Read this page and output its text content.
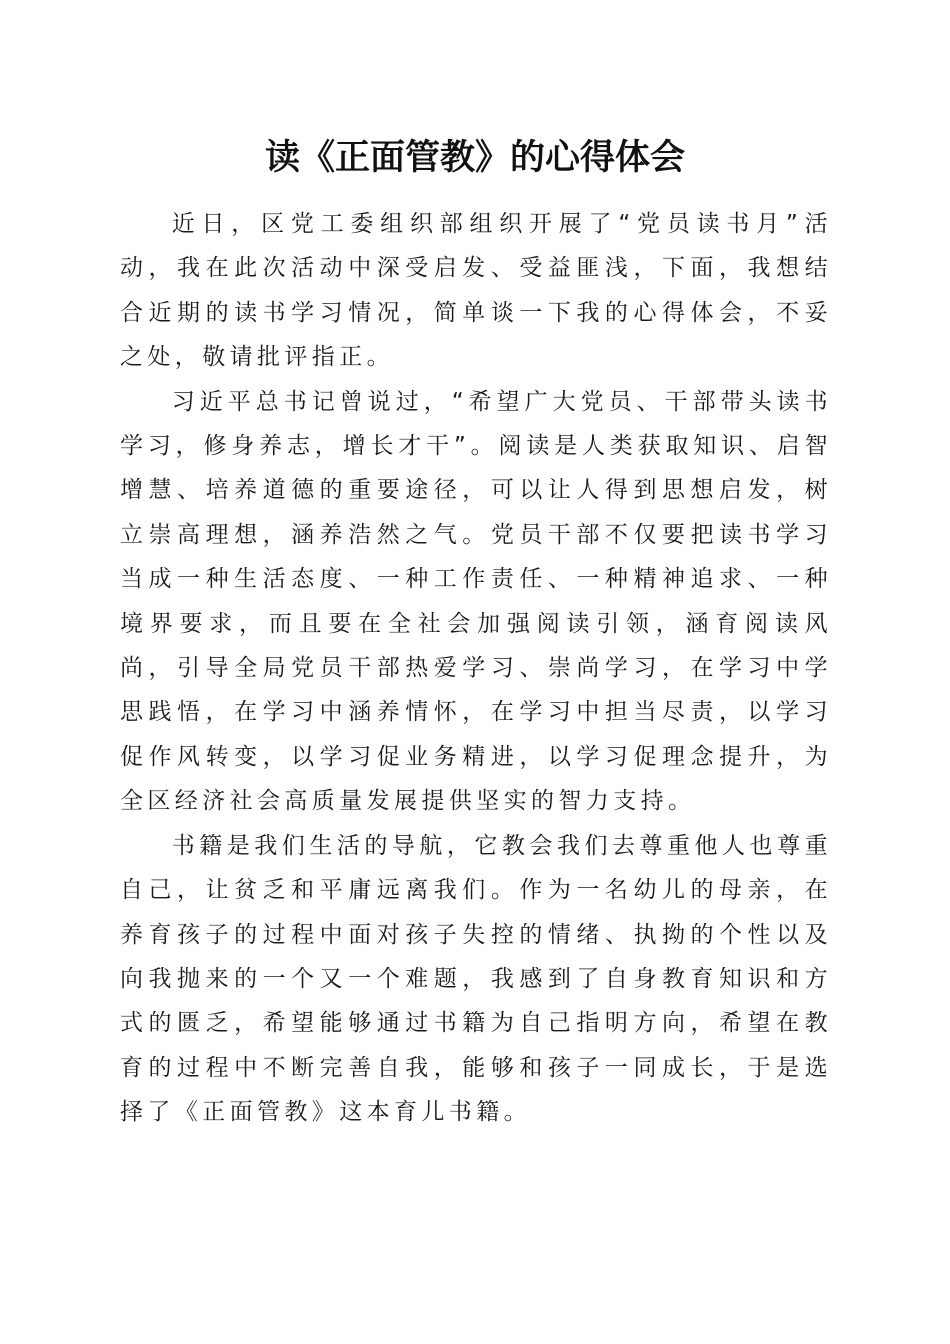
读《正面管教》的心得体会

近日，区党工委组织部组织开展了“党员读书月”活动，我在此次活动中深受启发、受益匪浅，下面，我想结合近期的读书学习情况，简单谈一下我的心得体会，不妥之处，敬请批评指正。

习近平总书记曾说过，“希望广大党员、干部带头读书学习，修身养志，增长才干”。阅读是人类获取知识、启智增慧、培养道德的重要途径，可以让人得到思想启发，树立崇高理想，涵养浩然之气。党员干部不仅要把读书学习当成一种生活态度、一种工作责任、一种精神追求、一种境界要求，而且要在全社会加强阅读引领，涵育阅读风尚，引导全局党员干部热爱学习、崇尚学习，在学习中学思践悟，在学习中涵养情怀，在学习中担当尽责，以学习促作风转变，以学习促业务精进，以学习促理念提升，为全区经济社会高质量发展提供坚实的智力支持。

书籍是我们生活的导航，它教会我们去尊重他人也尊重自己，让贫乏和平庸远离我们。作为一名幼儿的母亲，在养育孩子的过程中面对孩子失控的情绪、执拗的个性以及向我抛来的一个又一个难题，我感到了自身教育知识和方式的匮乏，希望能够通过书籍为自己指明方向，希望在教育的过程中不断完善自我，能够和孩子一同成长，于是选择了《正面管教》这本育儿书籍。
